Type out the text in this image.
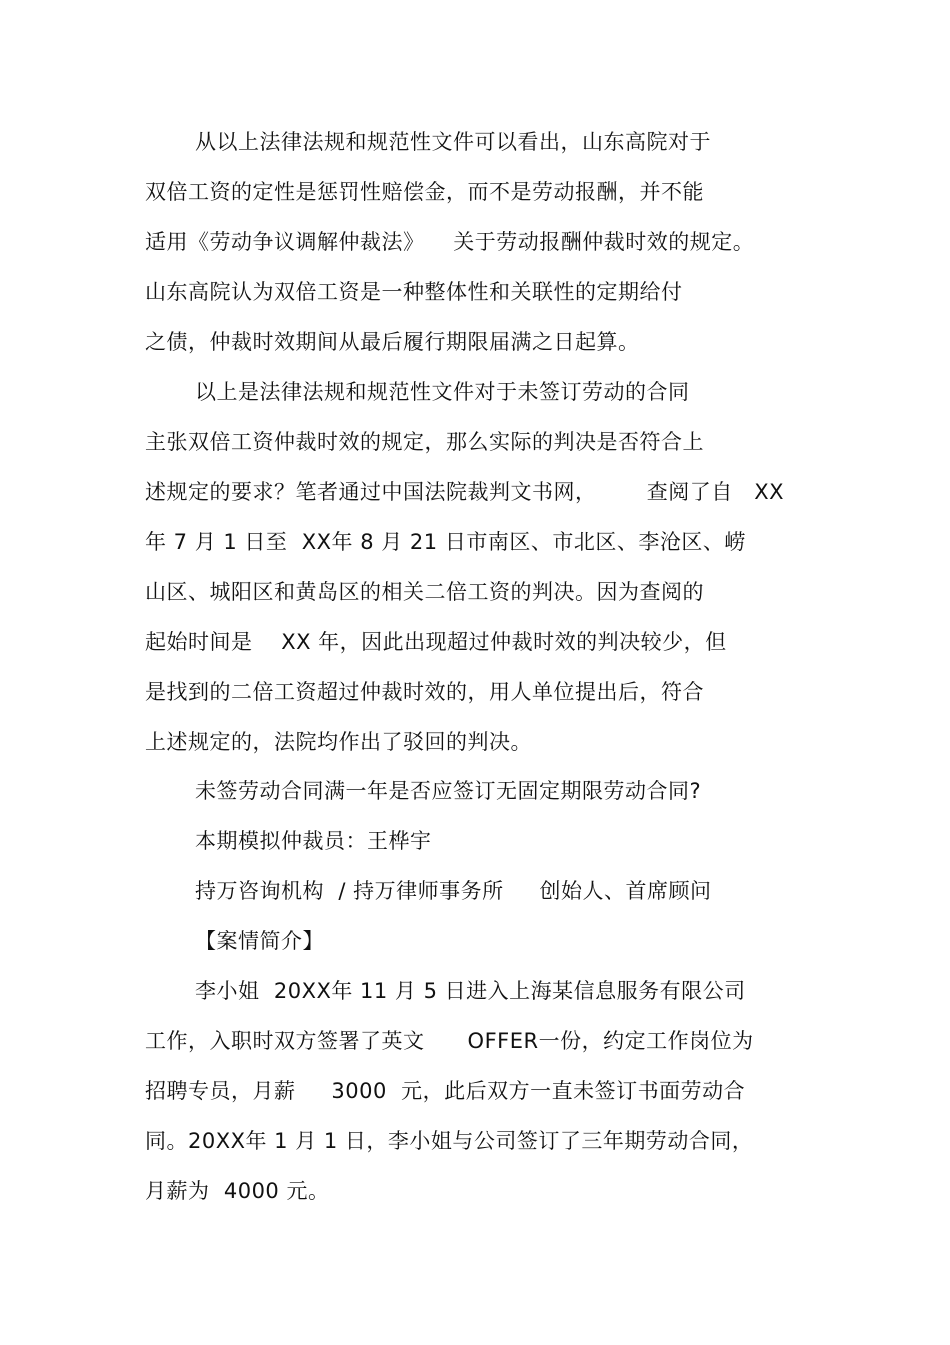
从以上法律法规和规范性文件可以看出，山东高院对于
双倍工资的定性是惩罚性赔偿金，而不是劳动报酬，并不能
适用《劳动争议调解仲裁法》    关于劳动报酬仲裁时效的规定。
山东高院认为双倍工资是一种整体性和关联性的定期给付
之债，仲裁时效期间从最后履行期限届满之日起算。
以上是法律法规和规范性文件对于未签订劳动的合同
主张双倍工资仲裁时效的规定，那么实际的判决是否符合上
述规定的要求？笔者通过中国法院裁判文书网，       查阅了自   XX
年 7 月 1 日至  XX年 8 月 21 日市南区、市北区、李沧区、崂
山区、城阳区和黄岛区的相关二倍工资的判决。因为查阅的
起始时间是    XX 年，因此出现超过仲裁时效的判决较少，但
是找到的二倍工资超过仲裁时效的，用人单位提出后，符合
上述规定的，法院均作出了驳回的判决。
未签劳动合同满一年是否应签订无固定期限劳动合同?
本期模拟仲裁员：王桦宇
持万咨询机构  / 持万律师事务所     创始人、首席顾问
【案情简介】
李小姐  20XX年 11 月 5 日进入上海某信息服务有限公司
工作，入职时双方签署了英文      OFFER一份，约定工作岗位为
招聘专员，月薪     3000  元，此后双方一直未签订书面劳动合
同。20XX年 1 月 1 日，李小姐与公司签订了三年期劳动合同，
月薪为  4000 元。
